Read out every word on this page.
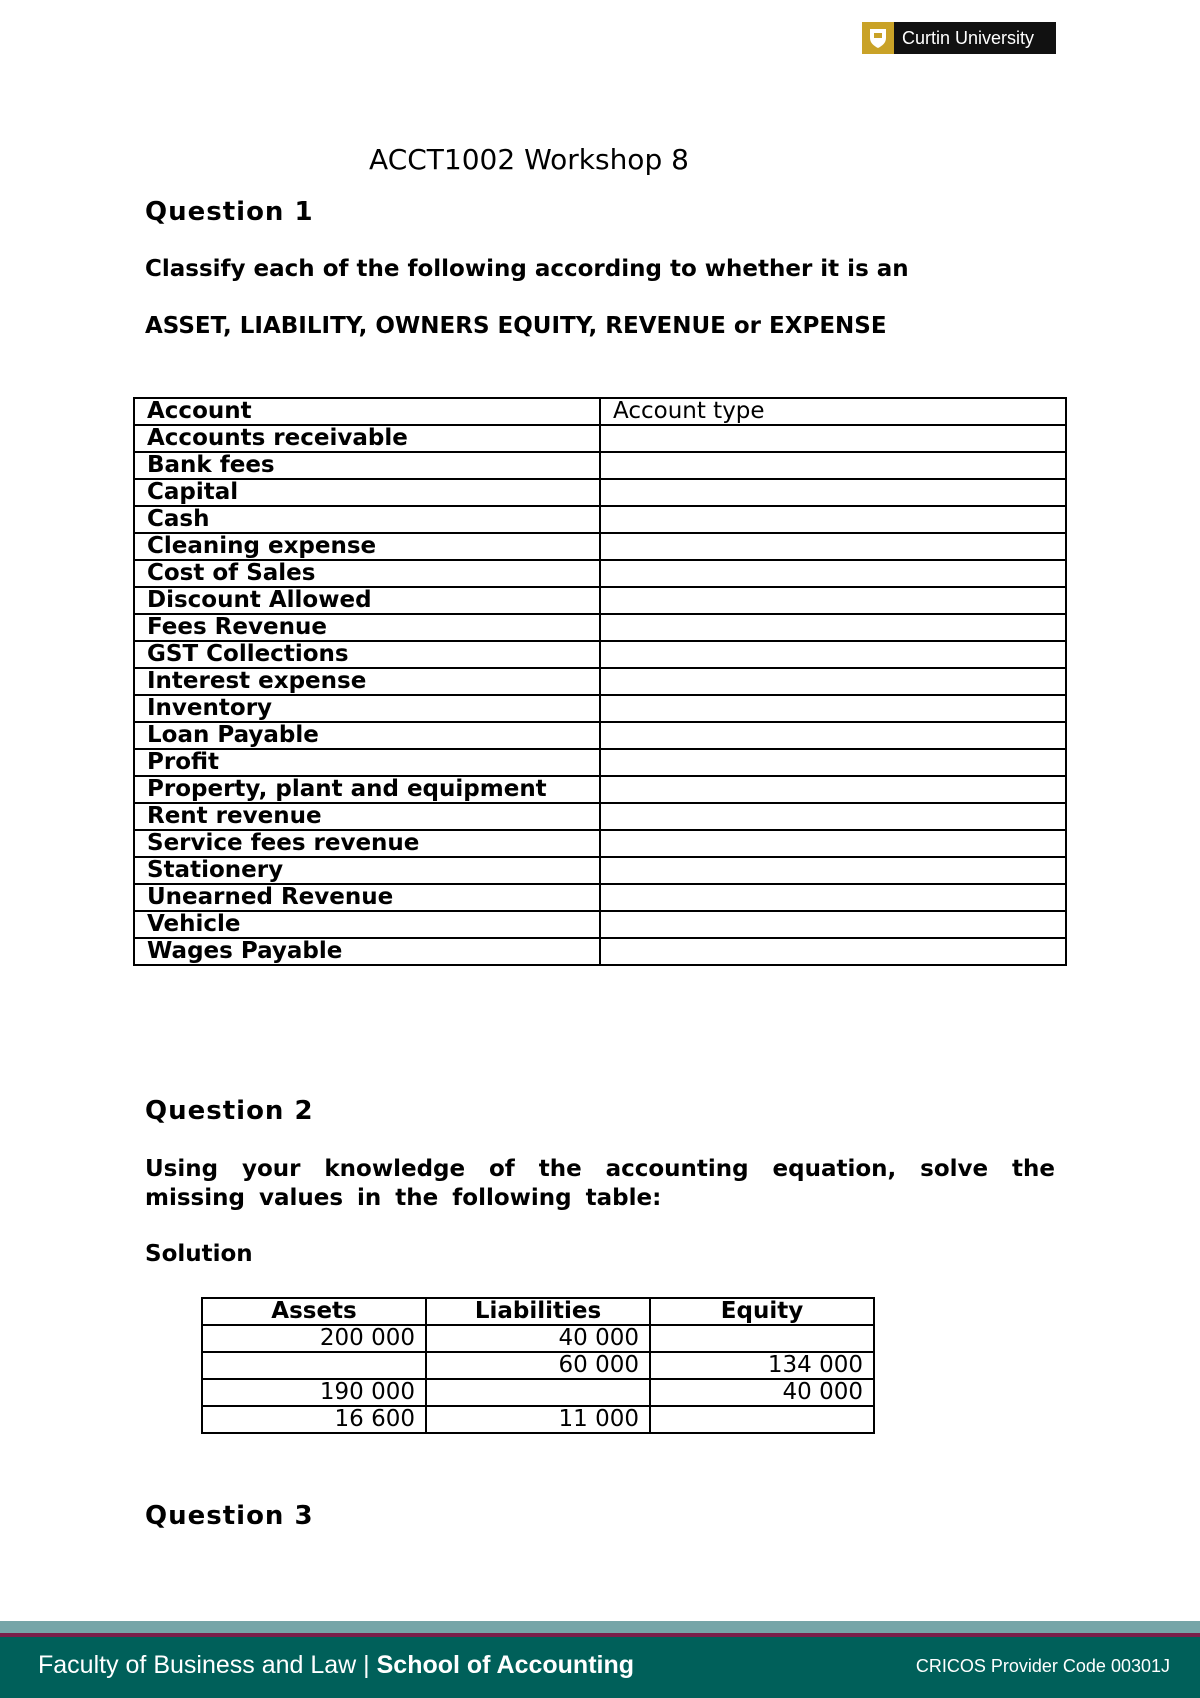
Curtin University
ACCT1002 Workshop 8
Question 1

Classify each of the following according to whether it is an

ASSET, LIABILITY, OWNERS EQUITY, REVENUE or EXPENSE

Account	Account type
Accounts receivable	
Bank fees	
Capital	
Cash	
Cleaning expense	
Cost of Sales	
Discount Allowed	
Fees Revenue	
GST Collections	
Interest expense	
Inventory	
Loan Payable	
Profit	
Property, plant and equipment	
Rent revenue	
Service fees revenue	
Stationery	
Unearned Revenue	
Vehicle	
Wages Payable	
Question 2

Using your knowledge of the accounting equation, solve the missing values in the following table:

Solution

Assets	Liabilities	Equity
200 000	40 000	
	60 000	134 000
190 000		40 000
16 600	11 000	
Question 3
Faculty of Business and Law | School of Accounting	CRICOS Provider Code 00301J
